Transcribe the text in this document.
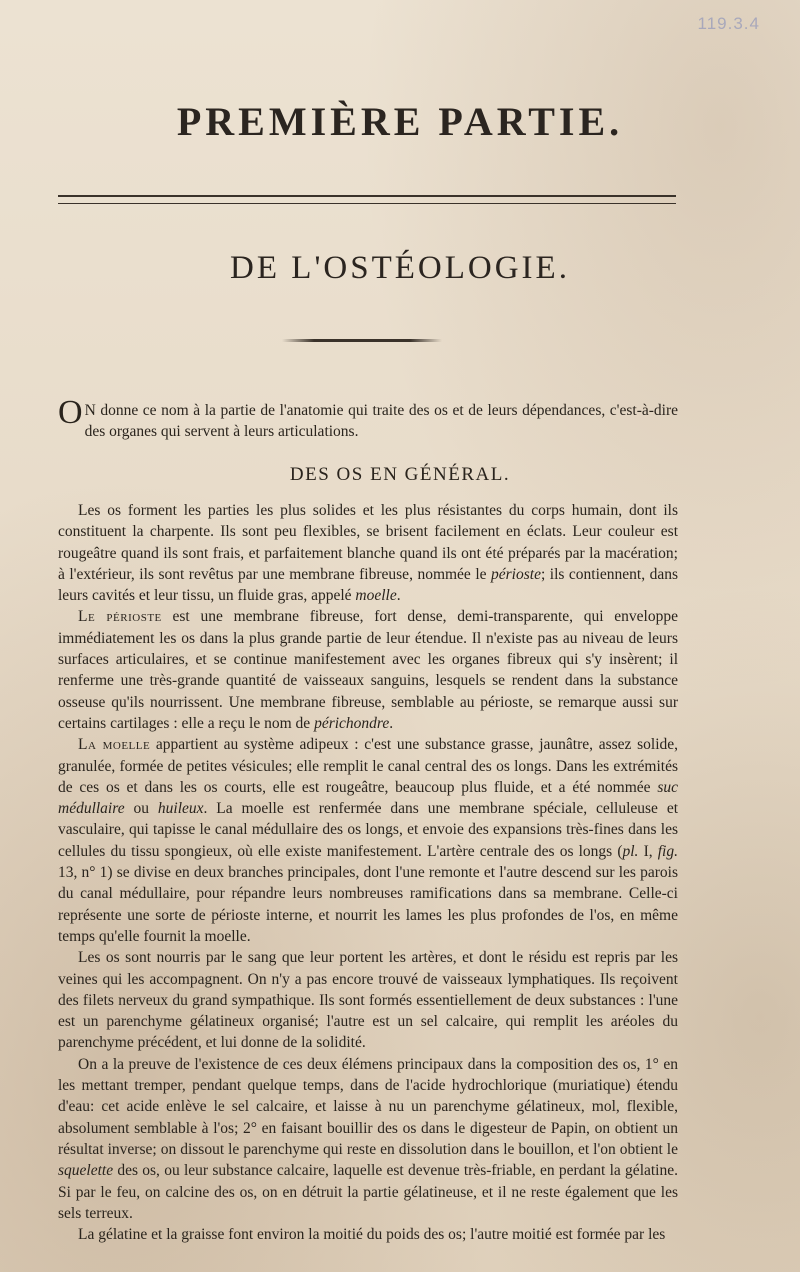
119.3.4
PREMIÈRE PARTIE.
DE L'OSTÉOLOGIE.
O N donne ce nom à la partie de l'anatomie qui traite des os et de leurs dépendances, c'est-à-dire des organes qui servent à leurs articulations.
DES OS EN GÉNÉRAL.

Les os forment les parties les plus solides et les plus résistantes du corps humain, dont ils constituent la charpente. Ils sont peu flexibles, se brisent facilement en éclats. Leur couleur est rougeâtre quand ils sont frais, et parfaitement blanche quand ils ont été préparés par la macération; à l'extérieur, ils sont revêtus par une membrane fibreuse, nommée le périoste; ils contiennent, dans leurs cavités et leur tissu, un fluide gras, appelé moelle.

Le périoste est une membrane fibreuse, fort dense, demi-transparente, qui enveloppe immédiatement les os dans la plus grande partie de leur étendue. Il n'existe pas au niveau de leurs surfaces articulaires, et se continue manifestement avec les organes fibreux qui s'y insèrent; il renferme une très-grande quantité de vaisseaux sanguins, lesquels se rendent dans la substance osseuse qu'ils nourrissent. Une membrane fibreuse, semblable au périoste, se remarque aussi sur certains cartilages : elle a reçu le nom de périchondre.

La moelle appartient au système adipeux : c'est une substance grasse, jaunâtre, assez solide, granulée, formée de petites vésicules; elle remplit le canal central des os longs. Dans les extrémités de ces os et dans les os courts, elle est rougeâtre, beaucoup plus fluide, et a été nommée suc médullaire ou huileux. La moelle est renfermée dans une membrane spéciale, celluleuse et vasculaire, qui tapisse le canal médullaire des os longs, et envoie des expansions très-fines dans les cellules du tissu spongieux, où elle existe manifestement. L'artère centrale des os longs (pl. I, fig. 13, n° 1) se divise en deux branches principales, dont l'une remonte et l'autre descend sur les parois du canal médullaire, pour répandre leurs nombreuses ramifications dans sa membrane. Celle-ci représente une sorte de périoste interne, et nourrit les lames les plus profondes de l'os, en même temps qu'elle fournit la moelle.

Les os sont nourris par le sang que leur portent les artères, et dont le résidu est repris par les veines qui les accompagnent. On n'y a pas encore trouvé de vaisseaux lymphatiques. Ils reçoivent des filets nerveux du grand sympathique. Ils sont formés essentiellement de deux substances : l'une est un parenchyme gélatineux organisé; l'autre est un sel calcaire, qui remplit les aréoles du parenchyme précédent, et lui donne de la solidité.

On a la preuve de l'existence de ces deux élémens principaux dans la composition des os, 1° en les mettant tremper, pendant quelque temps, dans de l'acide hydrochlorique (muriatique) étendu d'eau: cet acide enlève le sel calcaire, et laisse à nu un parenchyme gélatineux, mol, flexible, absolument semblable à l'os; 2° en faisant bouillir des os dans le digesteur de Papin, on obtient un résultat inverse; on dissout le parenchyme qui reste en dissolution dans le bouillon, et l'on obtient le squelette des os, ou leur substance calcaire, laquelle est devenue très-friable, en perdant la gélatine. Si par le feu, on calcine des os, on en détruit la partie gélatineuse, et il ne reste également que les sels terreux.

La gélatine et la graisse font environ la moitié du poids des os; l'autre moitié est formée par les
